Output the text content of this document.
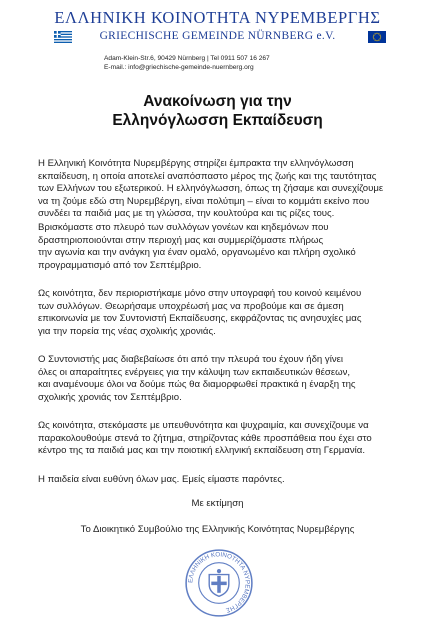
ΕΛΛΗΝΙΚΗ ΚΟΙΝΟΤΗΤΑ ΝΥΡΕΜΒΕΡΓΗΣ
GRIECHISCHE GEMEINDE NÜRNBERG e.V.
Adam-Klein-Str.6, 90429 Nürnberg | Tel 0911 507 16 267
E-mail.: info@griechische-gemeinde-nuernberg.org
Ανακοίνωση για την
Ελληνόγλωσση Εκπαίδευση
Η Ελληνική Κοινότητα Νυρεμβέργης στηρίζει έμπρακτα την ελληνόγλωσση
εκπαίδευση, η οποία αποτελεί αναπόσπαστο μέρος της ζωής και της ταυτότητας
των Ελλήνων του εξωτερικού. Η ελληνόγλωσση, όπως τη ζήσαμε και συνεχίζουμε
να τη ζούμε εδώ στη Νυρεμβέργη, είναι πολύτιμη – είναι το κομμάτι εκείνο που
συνδέει τα παιδιά μας με τη γλώσσα, την κουλτούρα και τις ρίζες τους.
Βρισκόμαστε στο πλευρό των συλλόγων γονέων και κηδεμόνων που
δραστηριοποιούνται στην περιοχή μας και συμμερίζόμαστε πλήρως
την αγωνία και την ανάγκη για έναν ομαλό, οργανωμένο και πλήρη σχολικό
προγραμματισμό από τον Σεπτέμβριο.
Ως κοινότητα, δεν περιοριστήκαμε μόνο στην υπογραφή του κοινού κειμένου
των συλλόγων. Θεωρήσαμε υποχρέωσή μας να προβούμε και σε άμεση
επικοινωνία με τον Συντονιστή Εκπαίδευσης, εκφράζοντας τις ανησυχίες μας
για την πορεία της νέας σχολικής χρονιάς.
Ο Συντονιστής μας διαβεβαίωσε ότι από την πλευρά του έχουν ήδη γίνει
όλες οι απαραίτητες ενέργειες για την κάλυψη των εκπαιδευτικών θέσεων,
και αναμένουμε όλοι να δούμε πώς θα διαμορφωθεί πρακτικά η έναρξη της
σχολικής χρονιάς τον Σεπτέμβριο.
Ως κοινότητα, στεκόμαστε με υπευθυνότητα και ψυχραιμία, και συνεχίζουμε να
παρακολουθούμε στενά το ζήτημα, στηρίζοντας κάθε προσπάθεια που έχει στο
κέντρο της τα παιδιά μας και την ποιοτική ελληνική εκπαίδευση στη Γερμανία.
Η παιδεία είναι ευθύνη όλων μας. Εμείς είμαστε παρόντες.
Με εκτίμηση
Το Διοικητικό Συμβούλιο της Ελληνικής Κοινότητας Νυρεμβέργης
ΕΛΛΗΝΙΚΗ ΚΟΙΝΟΤΗΤΑ ΝΥΡΕΜΒΕΡΓΗΣ
